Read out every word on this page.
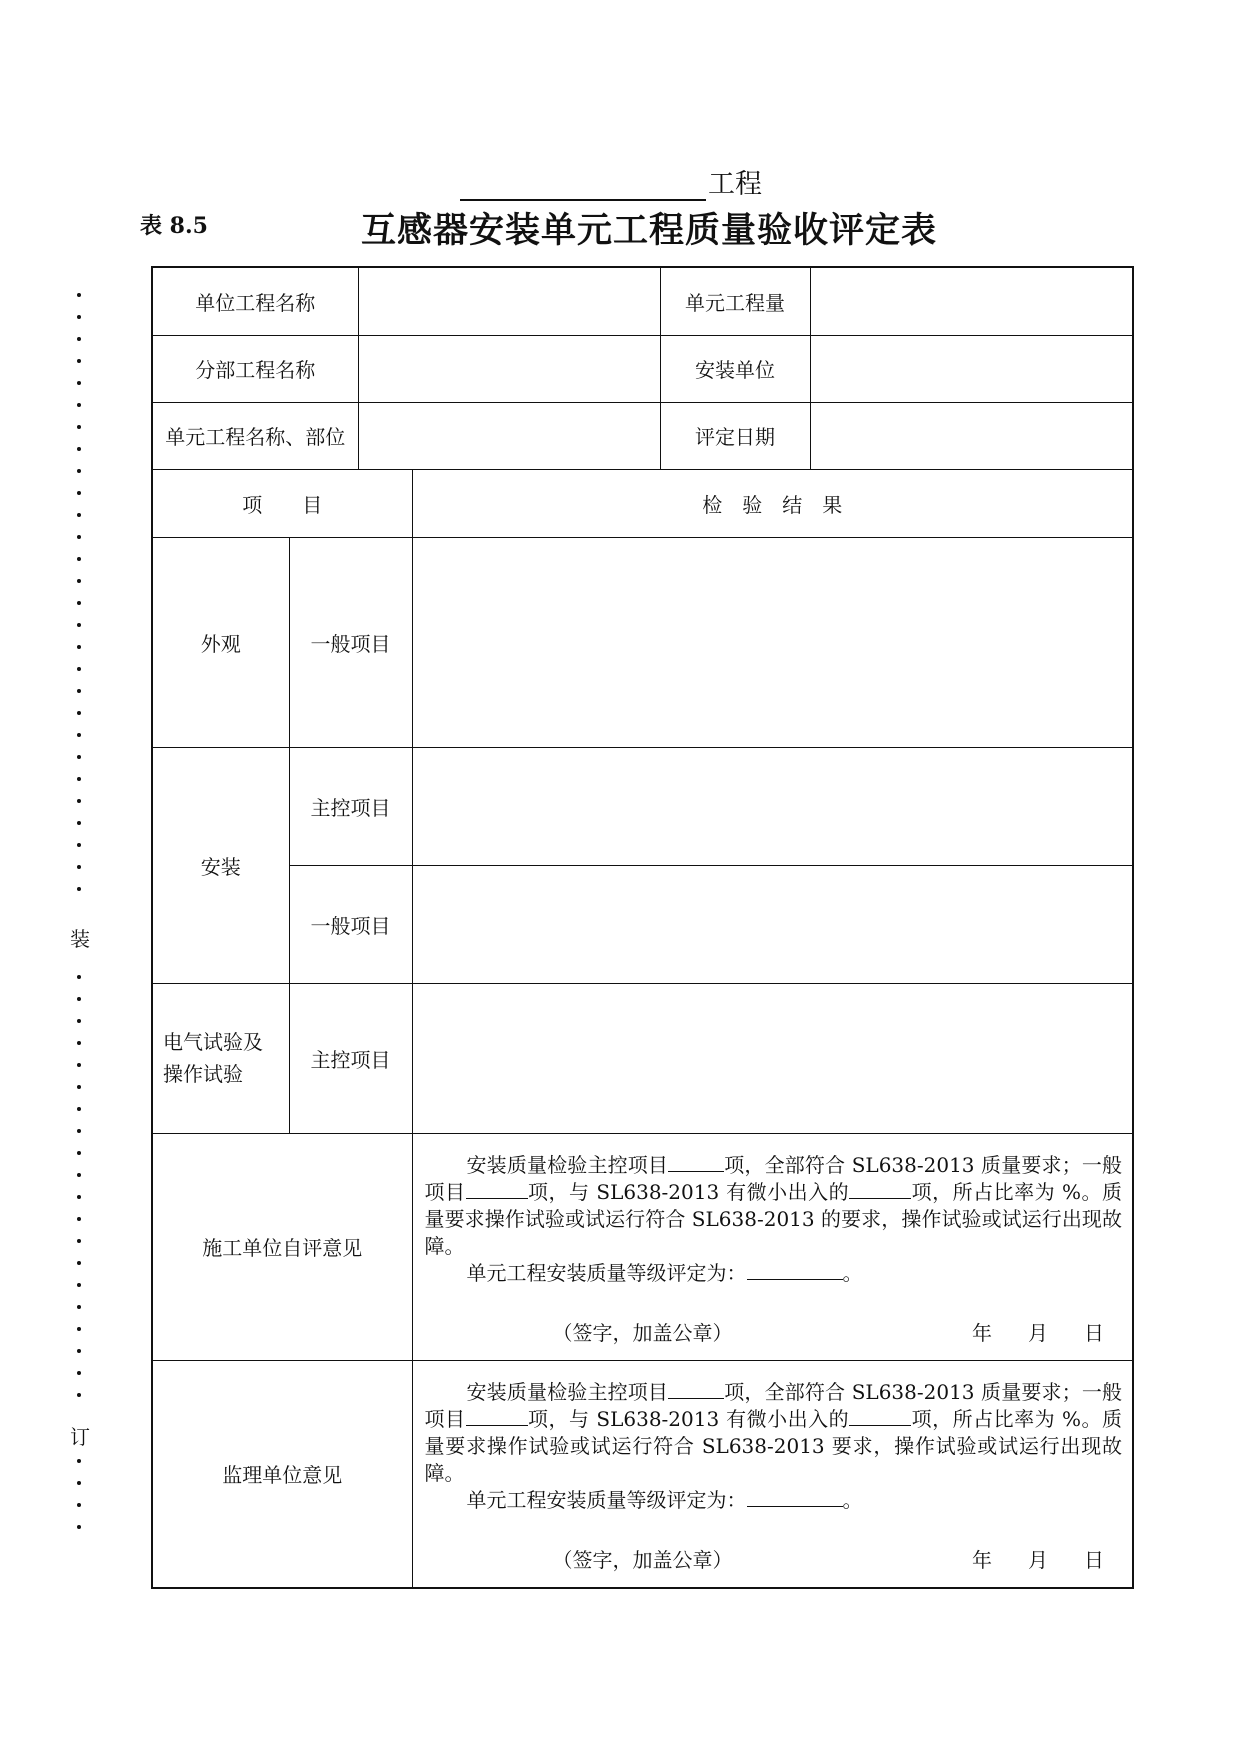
工程
表 8.5	互感器安装单元工程质量验收评定表
装
订
单位工程名称				单元工程量	
分部工程名称				安装单位	
单元工程名称、部位				评定日期	
项　　目			检　验　结　果		
外观	一般项目				
安装	主控项目				
	一般项目				

电气试验及
操作试验	主控项目				
施工单位自评意见			安装质量检验主控项目 项，全部符合 SL638-2013 质量要求；一般项目 项，与 SL638-2013 有微小出入的 项，所占比率为 %。质量要求操作试验或试运行符合 SL638-2013 的要求，操作试验或试运行出现故障。

单元工程安装质量等级评定为： 。

（签字，加盖公章） 年 月 日		

监理单位意见			安装质量检验主控项目 项，全部符合 SL638-2013 质量要求；一般项目 项，与 SL638-2013 有微小出入的 项，所占比率为 %。质量要求操作试验或试运行符合 SL638-2013 要求，操作试验或试运行出现故障。

单元工程安装质量等级评定为： 。

（签字，加盖公章） 年 月 日		
